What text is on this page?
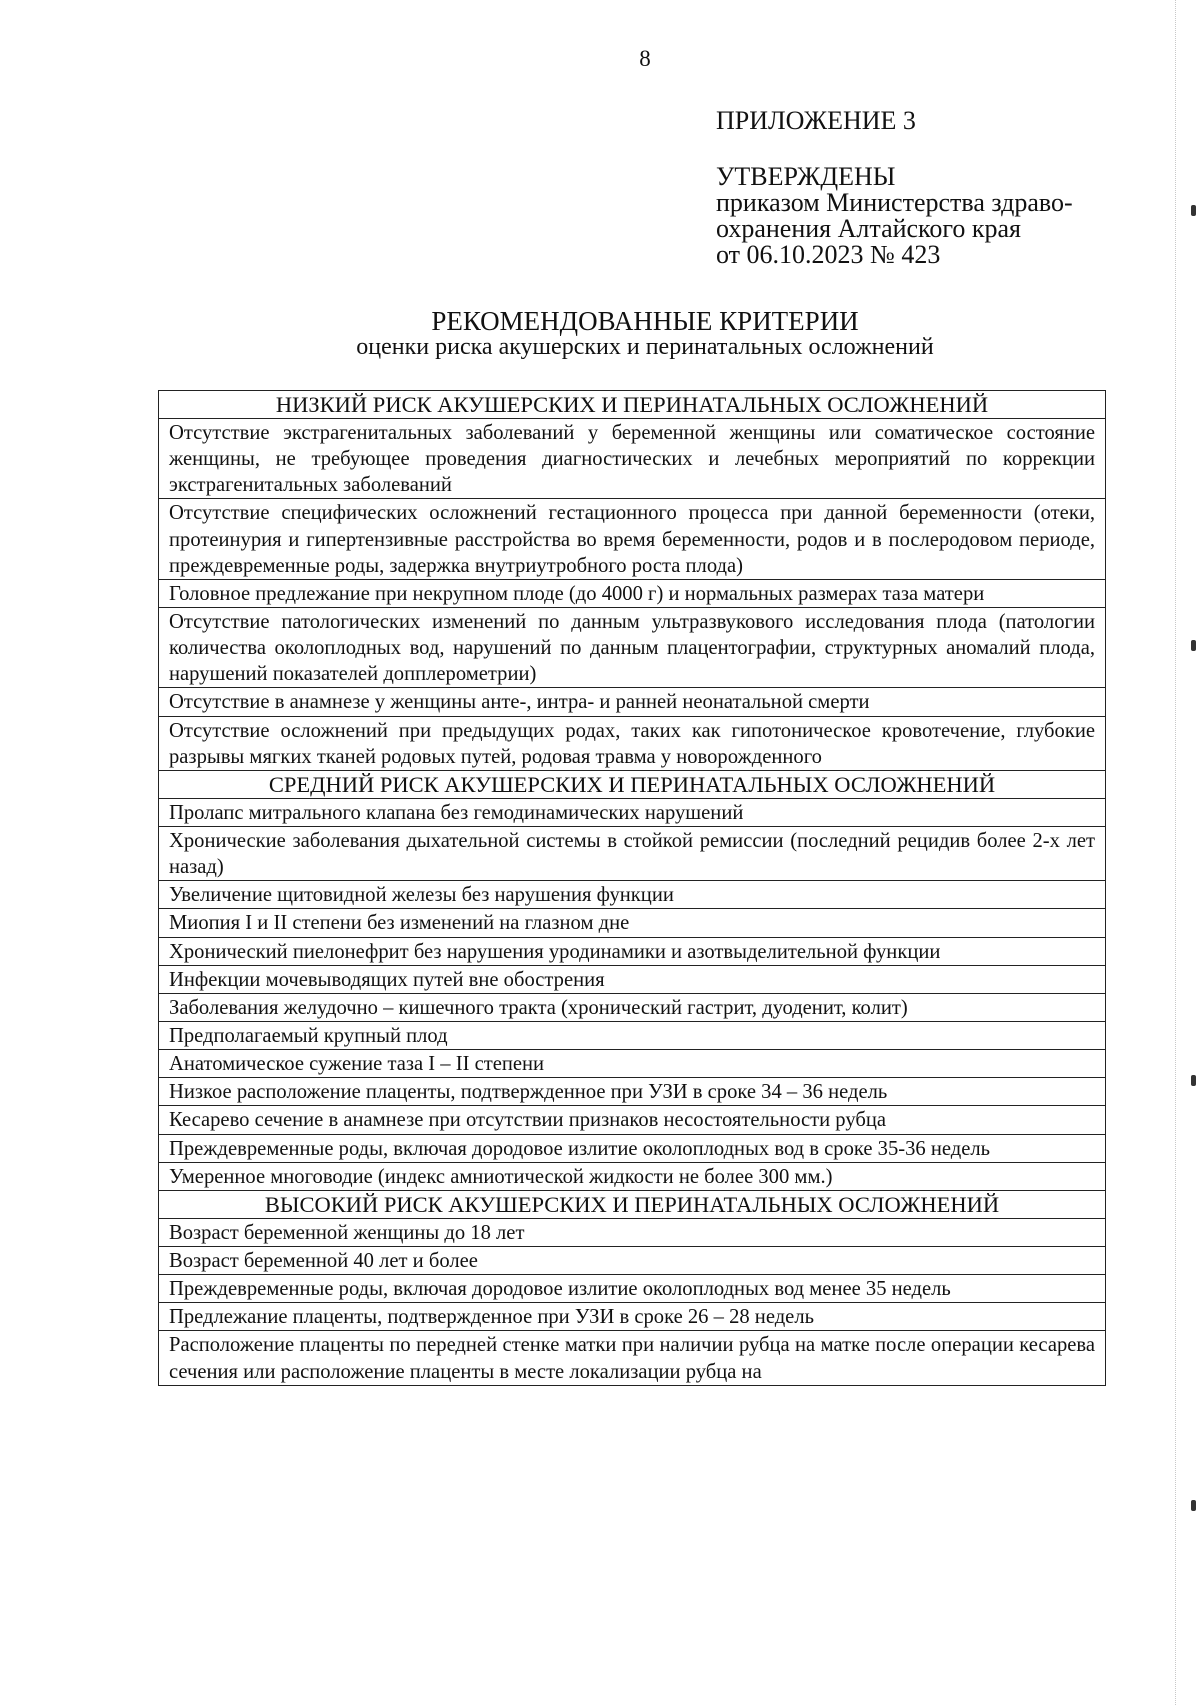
8

ПРИЛОЖЕНИЕ 3

УТВЕРЖДЕНЫ

приказом Министерства здраво-

охранения Алтайского края

от 06.10.2023 № 423

РЕКОМЕНДОВАННЫЕ КРИТЕРИИ
оценки риска акушерских и перинатальных осложнений
НИЗКИЙ РИСК АКУШЕРСКИХ И ПЕРИНАТАЛЬНЫХ ОСЛОЖНЕНИЙ
Отсутствие экстрагенитальных заболеваний у беременной женщины или соматическое состояние женщины, не требующее проведения диагностических и лечебных мероприятий по коррекции экстрагенитальных заболеваний
Отсутствие специфических осложнений гестационного процесса при данной беременности (отеки, протеинурия и гипертензивные расстройства во время беременности, родов и в послеродовом периоде, преждевременные роды, задержка внутриутробного роста плода)
Головное предлежание при некрупном плоде (до 4000 г) и нормальных размерах таза матери
Отсутствие патологических изменений по данным ультразвукового исследования плода (патологии количества околоплодных вод, нарушений по данным плацентографии, структурных аномалий плода, нарушений показателей допплерометрии)
Отсутствие в анамнезе у женщины анте-, интра- и ранней неонатальной смерти
Отсутствие осложнений при предыдущих родах, таких как гипотоническое кровотечение, глубокие разрывы мягких тканей родовых путей, родовая травма у новорожденного
СРЕДНИЙ РИСК АКУШЕРСКИХ И ПЕРИНАТАЛЬНЫХ ОСЛОЖНЕНИЙ
Пролапс митрального клапана без гемодинамических нарушений
Хронические заболевания дыхательной системы в стойкой ремиссии (последний рецидив более 2-х лет назад)
Увеличение щитовидной железы без нарушения функции
Миопия I и II степени без изменений на глазном дне
Хронический пиелонефрит без нарушения уродинамики и азотвыделительной функции
Инфекции мочевыводящих путей вне обострения
Заболевания желудочно – кишечного тракта (хронический гастрит, дуоденит, колит)
Предполагаемый крупный плод
Анатомическое сужение таза I – II степени
Низкое расположение плаценты, подтвержденное при УЗИ в сроке 34 – 36 недель
Кесарево сечение в анамнезе при отсутствии признаков несостоятельности рубца
Преждевременные роды, включая дородовое излитие околоплодных вод в сроке 35-36 недель
Умеренное многоводие (индекс амниотической жидкости не более 300 мм.)
ВЫСОКИЙ РИСК АКУШЕРСКИХ И ПЕРИНАТАЛЬНЫХ ОСЛОЖНЕНИЙ
Возраст беременной женщины до 18 лет
Возраст беременной 40 лет и более
Преждевременные роды, включая дородовое излитие околоплодных вод менее 35 недель
Предлежание плаценты, подтвержденное при УЗИ в сроке 26 – 28 недель
Расположение плаценты по передней стенке матки при наличии рубца на матке после операции кесарева сечения или расположение плаценты в месте локализации рубца на
